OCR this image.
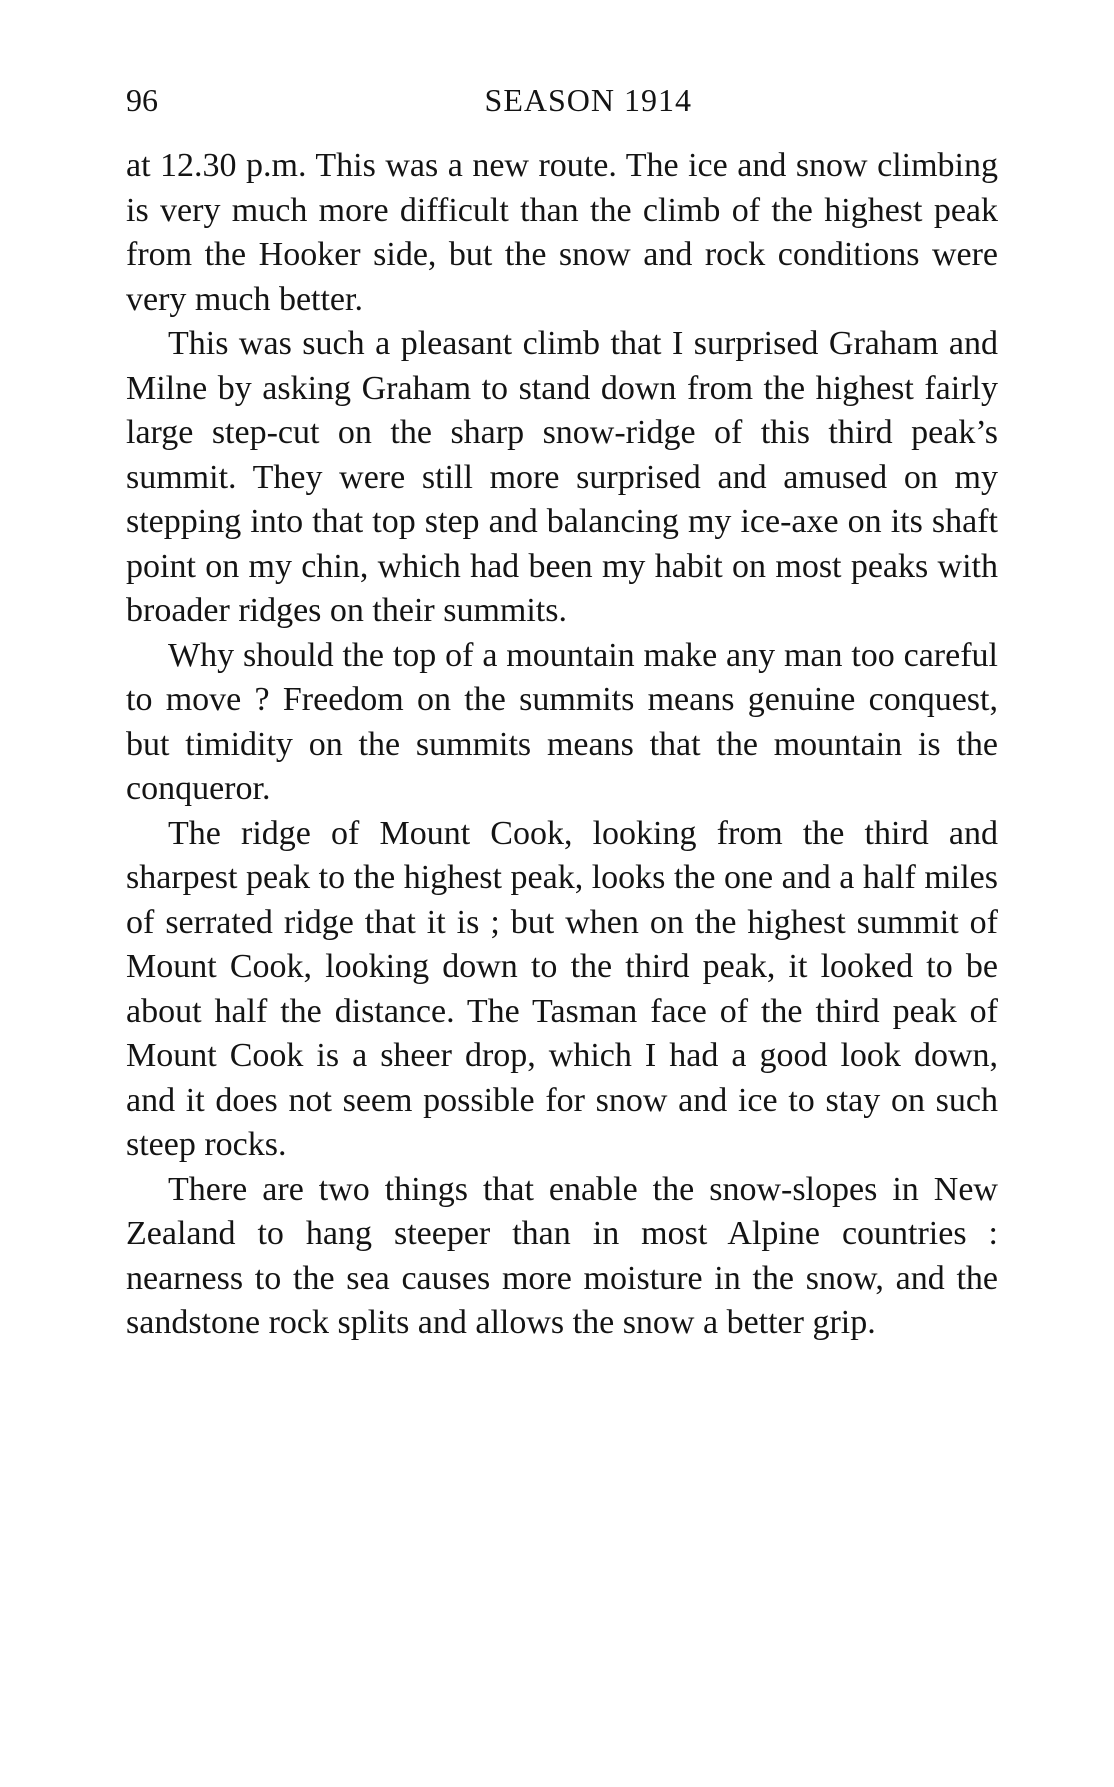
96	SEASON 1914

at 12.30 p.m. This was a new route. The ice and snow climbing is very much more difficult than the climb of the highest peak from the Hooker side, but the snow and rock conditions were very much better.

This was such a pleasant climb that I surprised Graham and Milne by asking Graham to stand down from the highest fairly large step-cut on the sharp snow-ridge of this third peak’s summit. They were still more surprised and amused on my stepping into that top step and balancing my ice-axe on its shaft point on my chin, which had been my habit on most peaks with broader ridges on their summits.

Why should the top of a mountain make any man too careful to move ? Freedom on the summits means genuine conquest, but timidity on the summits means that the mountain is the conqueror.

The ridge of Mount Cook, looking from the third and sharpest peak to the highest peak, looks the one and a half miles of serrated ridge that it is ; but when on the highest summit of Mount Cook, looking down to the third peak, it looked to be about half the distance. The Tasman face of the third peak of Mount Cook is a sheer drop, which I had a good look down, and it does not seem possible for snow and ice to stay on such steep rocks.

There are two things that enable the snow-slopes in New Zealand to hang steeper than in most Alpine countries : nearness to the sea causes more moisture in the snow, and the sandstone rock splits and allows the snow a better grip.
